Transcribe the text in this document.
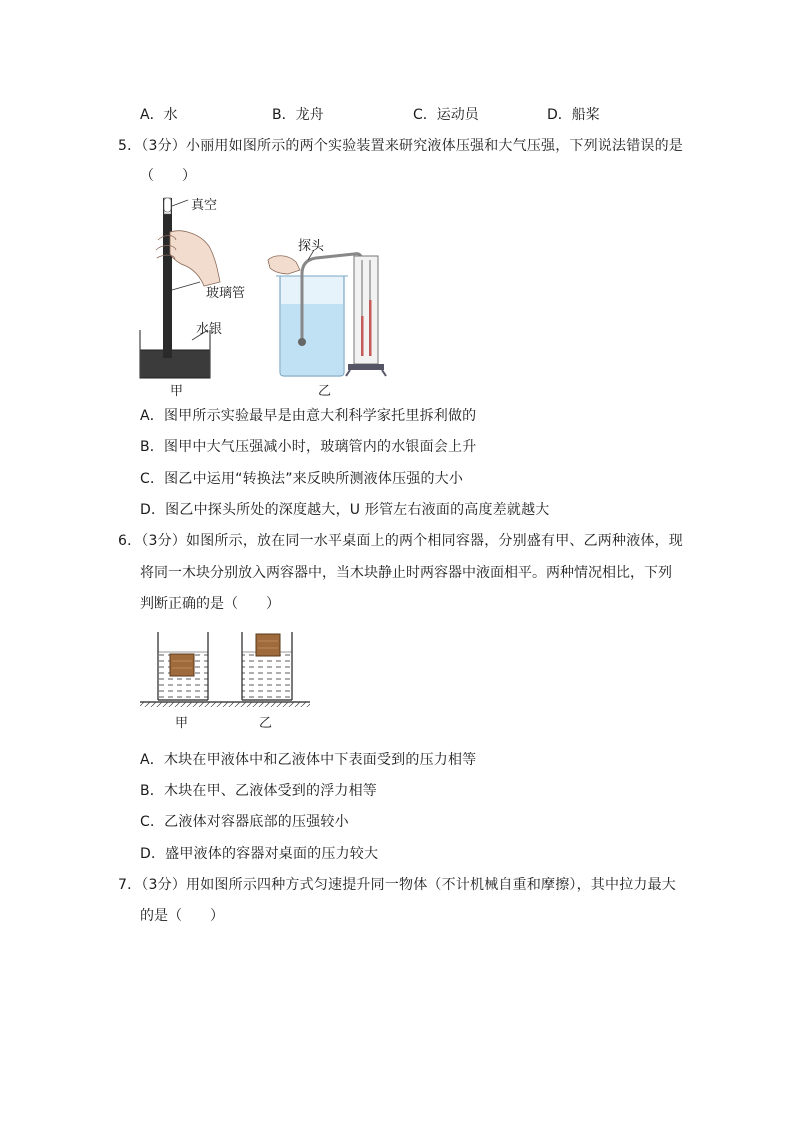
A．水	B．龙舟	C．运动员	D．船桨
5．（3分）小丽用如图所示的两个实验装置来研究液体压强和大气压强，下列说法错误的是
（　　）
真空
玻璃管
水银
甲
探头
乙
A．图甲所示实验最早是由意大利科学家托里拆利做的
B．图甲中大气压强减小时，玻璃管内的水银面会上升
C．图乙中运用“转换法”来反映所测液体压强的大小
D．图乙中探头所处的深度越大，U 形管左右液面的高度差就越大
6．（3分）如图所示，放在同一水平桌面上的两个相同容器，分别盛有甲、乙两种液体，现
将同一木块分别放入两容器中，当木块静止时两容器中液面相平。两种情况相比，下列
判断正确的是（　　）
甲	乙
A．木块在甲液体中和乙液体中下表面受到的压力相等
B．木块在甲、乙液体受到的浮力相等
C．乙液体对容器底部的压强较小
D．盛甲液体的容器对桌面的压力较大
7．（3分）用如图所示四种方式匀速提升同一物体（不计机械自重和摩擦），其中拉力最大
的是（　　）
